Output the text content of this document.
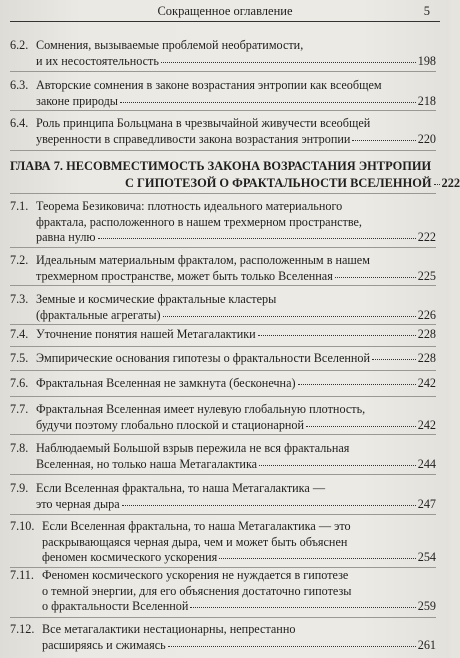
Сокращенное оглавление	5
6.2. Сомнения, вызываемые проблемой необратимости,
и их несостоятельность	198
6.3. Авторские сомнения в законе возрастания энтропии как всеобщем
законе природы	218
6.4. Роль принципа Больцмана в чрезвычайной живучести всеобщей
уверенности в справедливости закона возрастания энтропии	220
ГЛАВА 7. НЕСОВМЕСТИМОСТЬ ЗАКОНА ВОЗРАСТАНИЯ ЭНТРОПИИ
С ГИПОТЕЗОЙ О ФРАКТАЛЬНОСТИ ВСЕЛЕННОЙ 222
7.1. Теорема Безиковича: плотность идеального материального
фрактала, расположенного в нашем трехмерном пространстве,
равна нулю	222
7.2. Идеальным материальным фракталом, расположенным в нашем
трехмерном пространстве, может быть только Вселенная	225
7.3. Земные и космические фрактальные кластеры
(фрактальные агрегаты)	226
7.4. Уточнение понятия нашей Метагалактики	228
7.5. Эмпирические основания гипотезы о фрактальности Вселенной	228
7.6. Фрактальная Вселенная не замкнута (бесконечна)	242
7.7. Фрактальная Вселенная имеет нулевую глобальную плотность,
будучи поэтому глобально плоской и стационарной	242
7.8. Наблюдаемый Большой взрыв пережила не вся фрактальная
Вселенная, но только наша Метагалактика	244
7.9. Если Вселенная фрактальна, то наша Метагалактика —
это черная дыра	247
7.10. Если Вселенная фрактальна, то наша Метагалактика — это
раскрывающаяся черная дыра, чем и может быть объяснен
феномен космического ускорения	254
7.11. Феномен космического ускорения не нуждается в гипотезе
о темной энергии, для его объяснения достаточно гипотезы
о фрактальности Вселенной	259
7.12. Все метагалактики нестационарны, непрестанно
расширяясь и сжимаясь	261
